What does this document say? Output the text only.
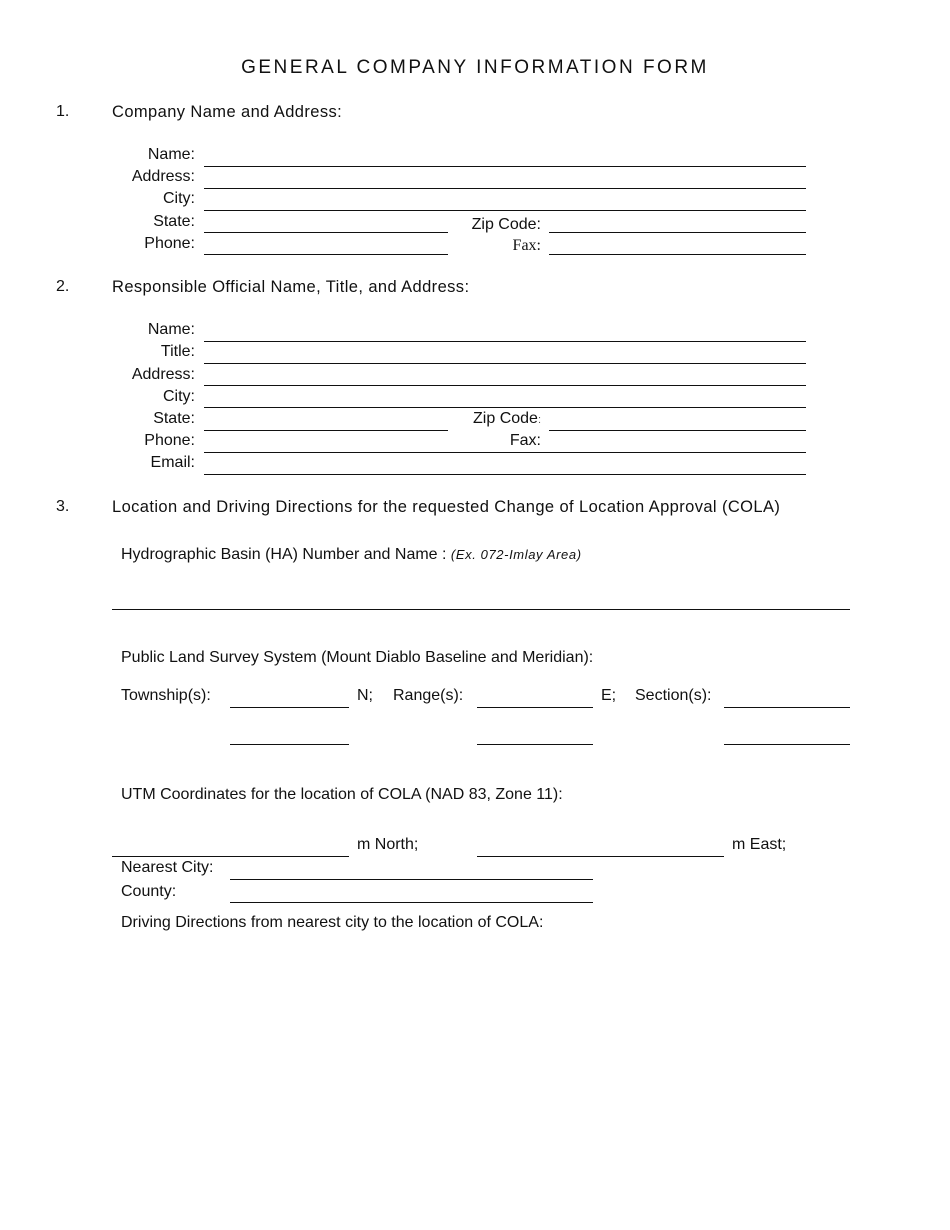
GENERAL COMPANY INFORMATION FORM
1.	Company Name and Address:
Name:
Address:
City:
State:	Zip Code:
Phone:	Fax:
2.	Responsible Official Name, Title, and Address:
Name:
Title:
Address:
City:
State:	Zip Code:
Phone:	Fax:
Email:
3.	Location and Driving Directions for the requested Change of Location Approval (COLA)
Hydrographic Basin (HA) Number and Name : (Ex. 072-Imlay Area)
Public Land Survey System (Mount Diablo Baseline and Meridian):
Township(s):	N; Range(s):	E; Section(s):
UTM Coordinates for the location of COLA (NAD 83, Zone 11):
m North;	m East;
Nearest City:
County:
Driving Directions from nearest city to the location of COLA:
